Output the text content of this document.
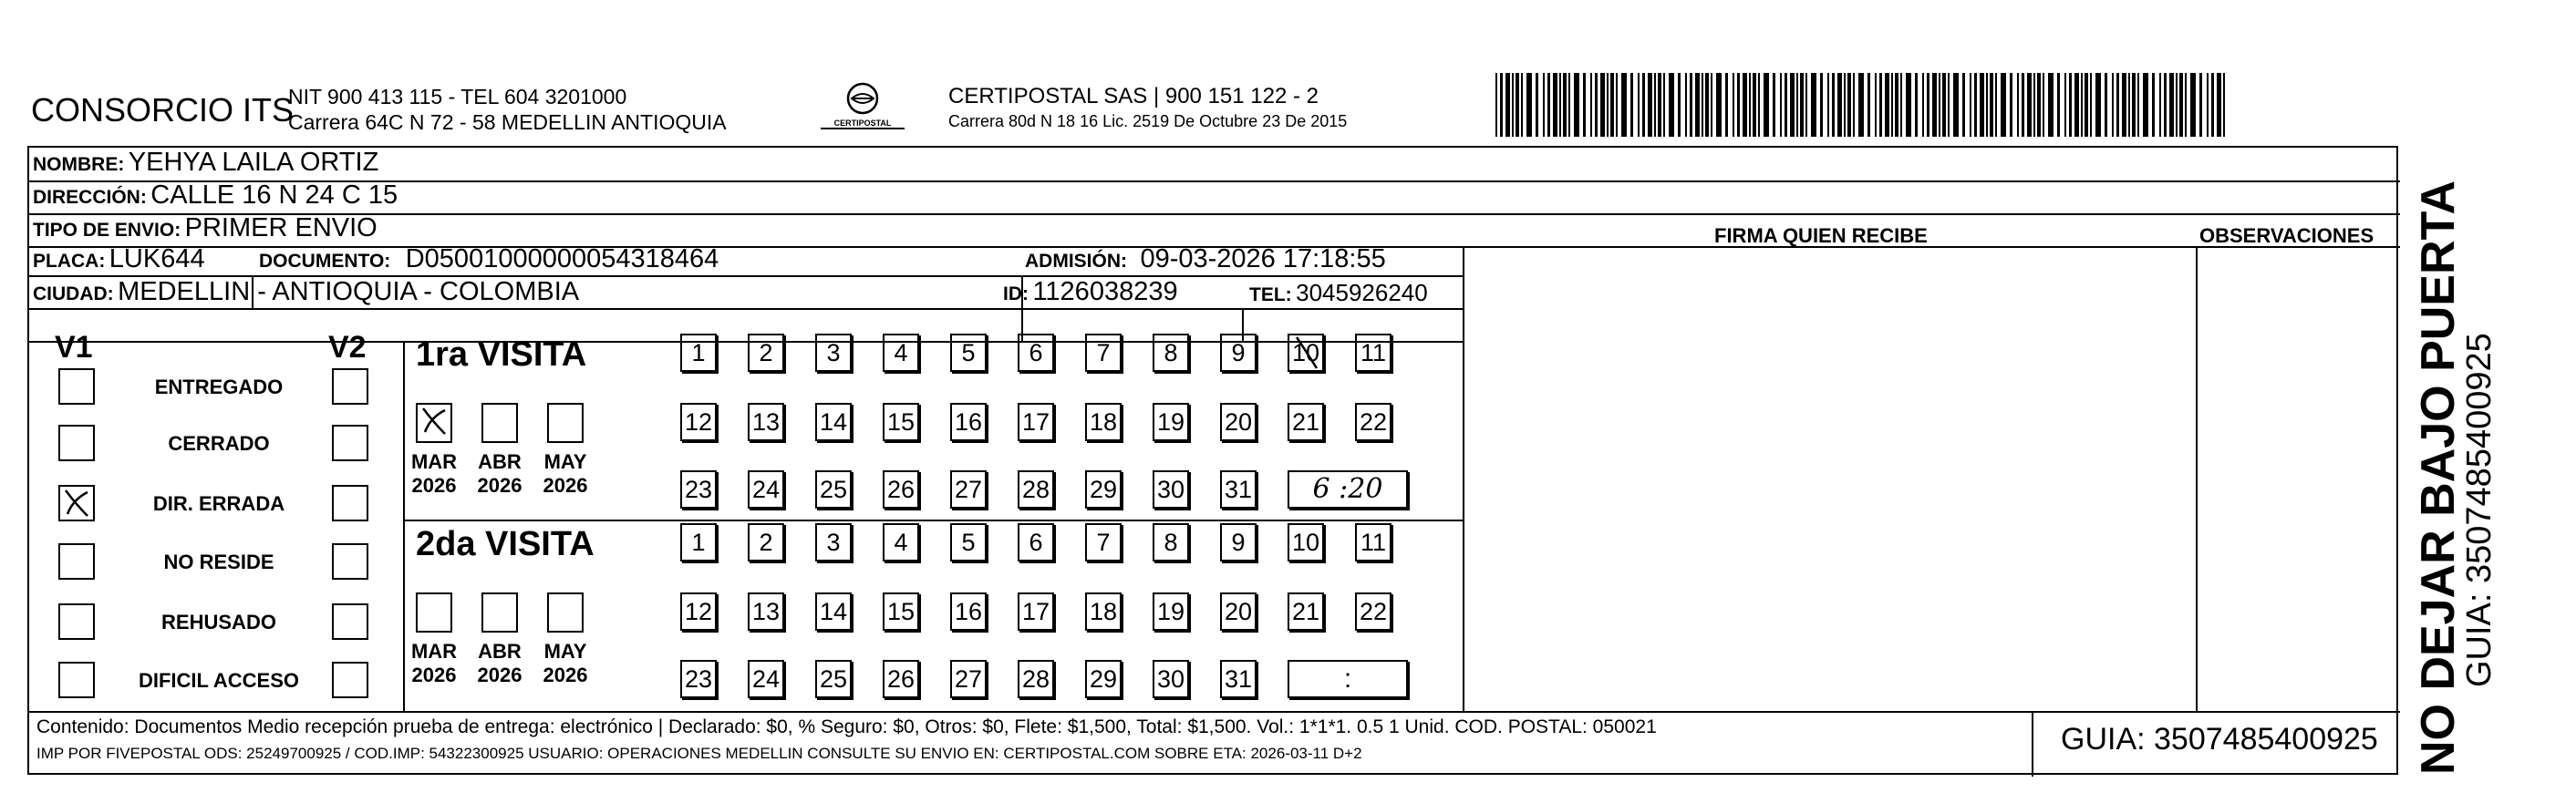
CONSORCIO ITS
NIT 900 413 115 - TEL 604 3201000
Carrera 64C N 72 - 58 MEDELLIN ANTIOQUIA	CERTIPOSTAL
CERTIPOSTAL SAS | 900 151 122 - 2
Carrera 80d N 18 16 Lic. 2519 De Octubre 23 De 2015
NOMBRE: YEHYA LAILA ORTIZ
DIRECCIÓN: CALLE 16 N 24 C 15
TIPO DE ENVIO: PRIMER ENVIO
PLACA: LUK644	DOCUMENTO: D05001000000054318464	ADMISIÓN: 09-03-2026 17:18:55
CIUDAD: MEDELLIN - ANTIOQUIA - COLOMBIA	ID: 1126038239	TEL: 3045926240
FIRMA QUIEN RECIBE	OBSERVACIONES
V1	V2
ENTREGADO
CERRADO
DIR. ERRADA
NO RESIDE
REHUSADO
DIFICIL ACCESO
1ra VISITA
MAR
2026
ABR
2026
MAY
2026
1	2	3	4	5	6	7	8	9	10 11
12 13 14 15 16 17 18 19 20 21 22
23 24 25 26 27 28 29 30 31	6 :20
2da VISITA
MAR
2026
ABR
2026
MAY
2026
1	2	3	4	5	6	7	8	9	10 11
12 13 14 15 16 17 18 19 20 21 22
23 24 25 26 27 28 29 30 31	:
Contenido: Documentos Medio recepción prueba de entrega: electrónico | Declarado: $0, % Seguro: $0, Otros: $0, Flete: $1,500, Total: $1,500. Vol.: 1*1*1. 0.5 1 Unid. COD. POSTAL: 050021
IMP POR FIVEPOSTAL ODS: 25249700925 / COD.IMP: 54322300925 USUARIO: OPERACIONES MEDELLIN CONSULTE SU ENVIO EN: CERTIPOSTAL.COM SOBRE ETA: 2026-03-11 D+2	GUIA: 3507485400925 NO DEJAR BAJO PUERTA
GUIA: 3507485400925
